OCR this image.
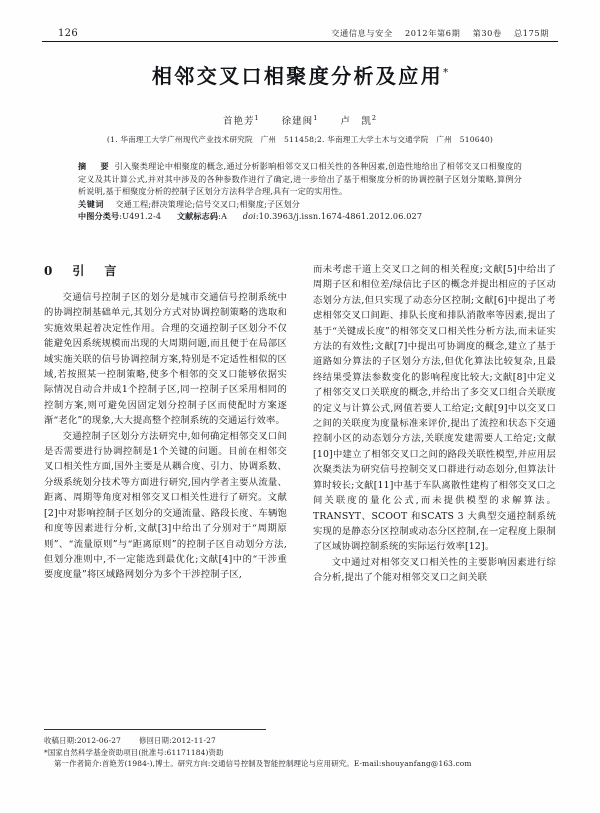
126	交通信息与安全 2012年第6期 第30卷 总175期
相邻交叉口相聚度分析及应用*
首艳芳$^1$ 徐建闽$^1$ 卢　凯$^2$
(1. 华南理工大学广州现代产业技术研究院　广州　511458;2. 华南理工大学土木与交通学院　广州　510640)

摘　要 引入聚类理论中相聚度的概念,通过分析影响相邻交叉口相关性的各种因素,创造性地给出了相邻交叉口相聚度的定义及其计算公式,并对其中涉及的各种参数作进行了确定,进一步给出了基于相聚度分析的协调控制子区划分策略,算例分析说明,基于相聚度分析的控制子区划分方法科学合理,具有一定的实用性。

关键词　 交通工程;群决策理论;信号交叉口;相聚度;子区划分

中图分类号:U491.2-4 文献标志码:A doi:10.3963/j.issn.1674-4861.2012.06.027

0　引　言

交通信号控制子区的划分是城市交通信号控制系统中的协调控制基础单元,其划分方式对协调控制策略的选取和实施效果起着决定性作用。合理的交通控制子区划分不仅能避免因系统规模而出现的大周期问题,而且便于在局部区域实施关联的信号协调控制方案,特别是不定适性相似的区域,若按照某一控制策略,使多个相邻的交叉口能够依据实际情况自动合并成1个控制子区,同一控制子区采用相同的控制方案,则可避免因固定划分控制子区而使配时方案逐渐“老化”的现象,大大提高整个控制系统的交通运行效率。

交通控制子区划分方法研究中,如何确定相邻交叉口间是否需要进行协调控制是1个关键的问题。目前在相邻交叉口相关性方面,国外主要是从耦合度、引力、协调系数、分级系统划分技术等方面进行研究,国内学者主要从流量、距离、周期等角度对相邻交叉口相关性进行了研究。文献[2]中对影响控制子区划分的交通流量、路段长度、车辆饱和度等因素进行分析,文献[3]中给出了分别对于“周期原则”、“流量原则”与“距离原则”的控制子区自动划分方法,但划分准则中,不一定能选到最优化;文献[4]中的“干涉重要度度量”将区域路网划分为多个干涉控制子区,

而未考虑干道上交叉口之间的相关程度;文献[5]中给出了周期子区和相位差/绿信比子区的概念并提出相应的子区动态划分方法,但只实现了动态分区控制;文献[6]中提出了考虑相邻交叉口间距、排队长度和排队消散率等因素,提出了基于“关键成长度”的相邻交叉口相关性分析方法,而未证实方法的有效性;文献[7]中提出可协调度的概念,建立了基于道路如分算法的子区划分方法,但优化算法比较复杂,且最终结果受算法参数变化的影响程度比较大;文献[8]中定义了相邻交叉口关联度的概念,并给出了多交叉口组合关联度的定义与计算公式,网值若要人工给定;文献[9]中以交叉口之间的关联度为度量标准来评价,提出了流控和状态下交通控制小区的动态划分方法,关联度发建需要人工给定;文献[10]中建立了相邻交叉口之间的路段关联性模型,并应用层次聚类法为研究信号控制交叉口群进行动态划分,但算法计算时较长;文献[11]中基于车队离散性建构了相邻交叉口之间关联度的量化公式,而未提供模型的求解算法。TRANSYT、SCOOT 和SCATS 3 大典型交通控制系统实现的是静态分区控制或动态分区控制,在一定程度上限制了区域协调控制系统的实际运行效率[12]。

文中通过对相邻交叉口相关性的主要影响因素进行综合分析,提出了个能对相邻交叉口之间关联

收稿日期:2012-06-27 修回日期:2012-11-27
*国家自然科学基金资助项目(批准号:61171184)资助
第一作者简介:首艳芳(1984-),博士。研究方向:交通信号控制及智能控制理论与应用研究。E-mail:shouyanfang@163.com
